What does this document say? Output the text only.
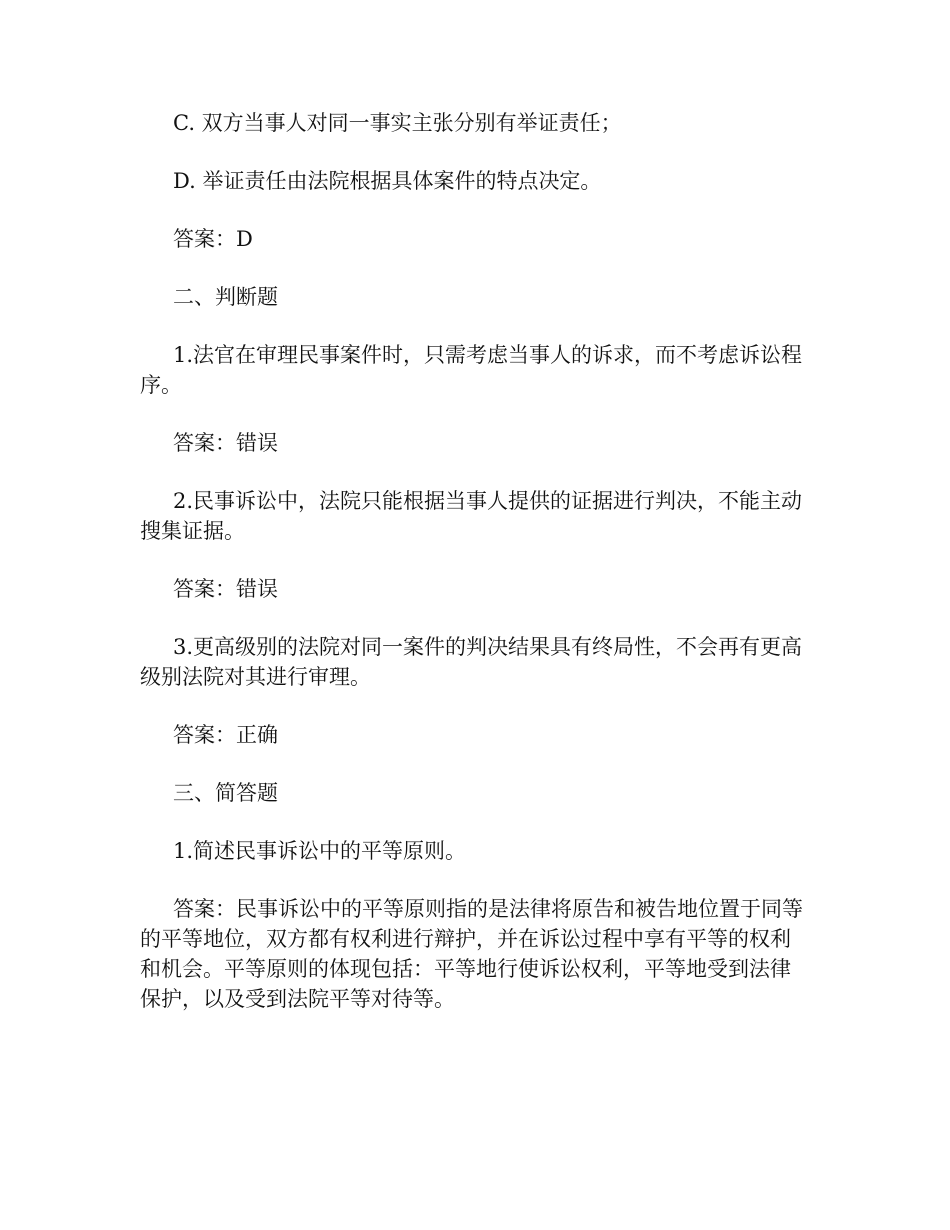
C. 双方当事人对同一事实主张分别有举证责任；

D. 举证责任由法院根据具体案件的特点决定。

答案：D

二、判断题

1.法官在审理民事案件时，只需考虑当事人的诉求，而不考虑诉讼程序。

答案：错误

2.民事诉讼中，法院只能根据当事人提供的证据进行判决，不能主动搜集证据。

答案：错误

3.更高级别的法院对同一案件的判决结果具有终局性，不会再有更高级别法院对其进行审理。

答案：正确

三、简答题

1.简述民事诉讼中的平等原则。

答案：民事诉讼中的平等原则指的是法律将原告和被告地位置于同等的平等地位，双方都有权利进行辩护，并在诉讼过程中享有平等的权利和机会。平等原则的体现包括：平等地行使诉讼权利，平等地受到法律保护，以及受到法院平等对待等。
